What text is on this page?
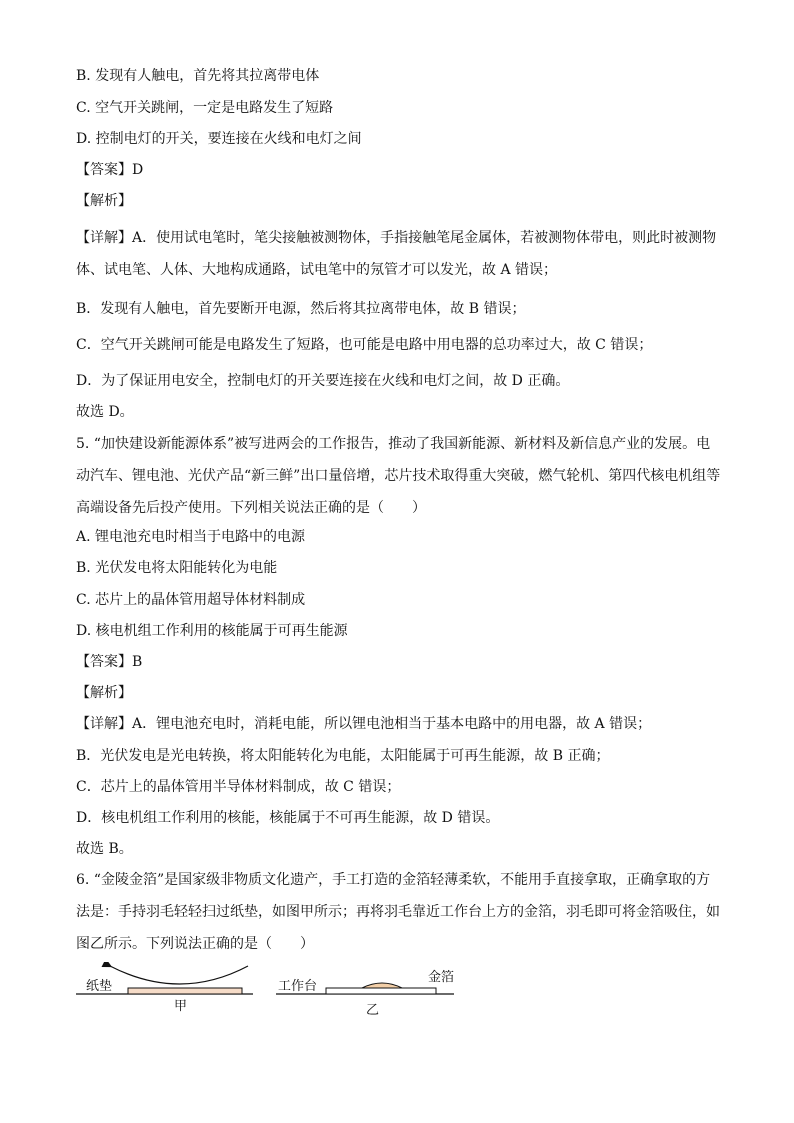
B. 发现有人触电，首先将其拉离带电体
C. 空气开关跳闸，一定是电路发生了短路
D. 控制电灯的开关，要连接在火线和电灯之间
【答案】D
【解析】
【详解】A．使用试电笔时，笔尖接触被测物体，手指接触笔尾金属体，若被测物体带电，则此时被测物体、试电笔、人体、大地构成通路，试电笔中的氖管才可以发光，故 A 错误；
B．发现有人触电，首先要断开电源，然后将其拉离带电体，故 B 错误；
C．空气开关跳闸可能是电路发生了短路，也可能是电路中用电器的总功率过大，故 C 错误；
D．为了保证用电安全，控制电灯的开关要连接在火线和电灯之间，故 D 正确。
故选 D。
5. “加快建设新能源体系”被写进两会的工作报告，推动了我国新能源、新材料及新信息产业的发展。电动汽车、锂电池、光伏产品“新三鲜”出口量倍增，芯片技术取得重大突破，燃气轮机、第四代核电机组等高端设备先后投产使用。下列相关说法正确的是（　　）
A. 锂电池充电时相当于电路中的电源
B. 光伏发电将太阳能转化为电能
C. 芯片上的晶体管用超导体材料制成
D. 核电机组工作利用的核能属于可再生能源
【答案】B
【解析】
【详解】A．锂电池充电时，消耗电能，所以锂电池相当于基本电路中的用电器，故 A 错误；
B．光伏发电是光电转换，将太阳能转化为电能，太阳能属于可再生能源，故 B 正确；
C．芯片上的晶体管用半导体材料制成，故 C 错误；
D．核电机组工作利用的核能，核能属于不可再生能源，故 D 错误。
故选 B。
6. “金陵金箔”是国家级非物质文化遗产，手工打造的金箔轻薄柔软，不能用手直接拿取，正确拿取的方法是：手持羽毛轻轻扫过纸垫，如图甲所示；再将羽毛靠近工作台上方的金箔，羽毛即可将金箔吸住，如图乙所示。下列说法正确的是（　　）
纸垫
甲
工作台
金箔
乙
